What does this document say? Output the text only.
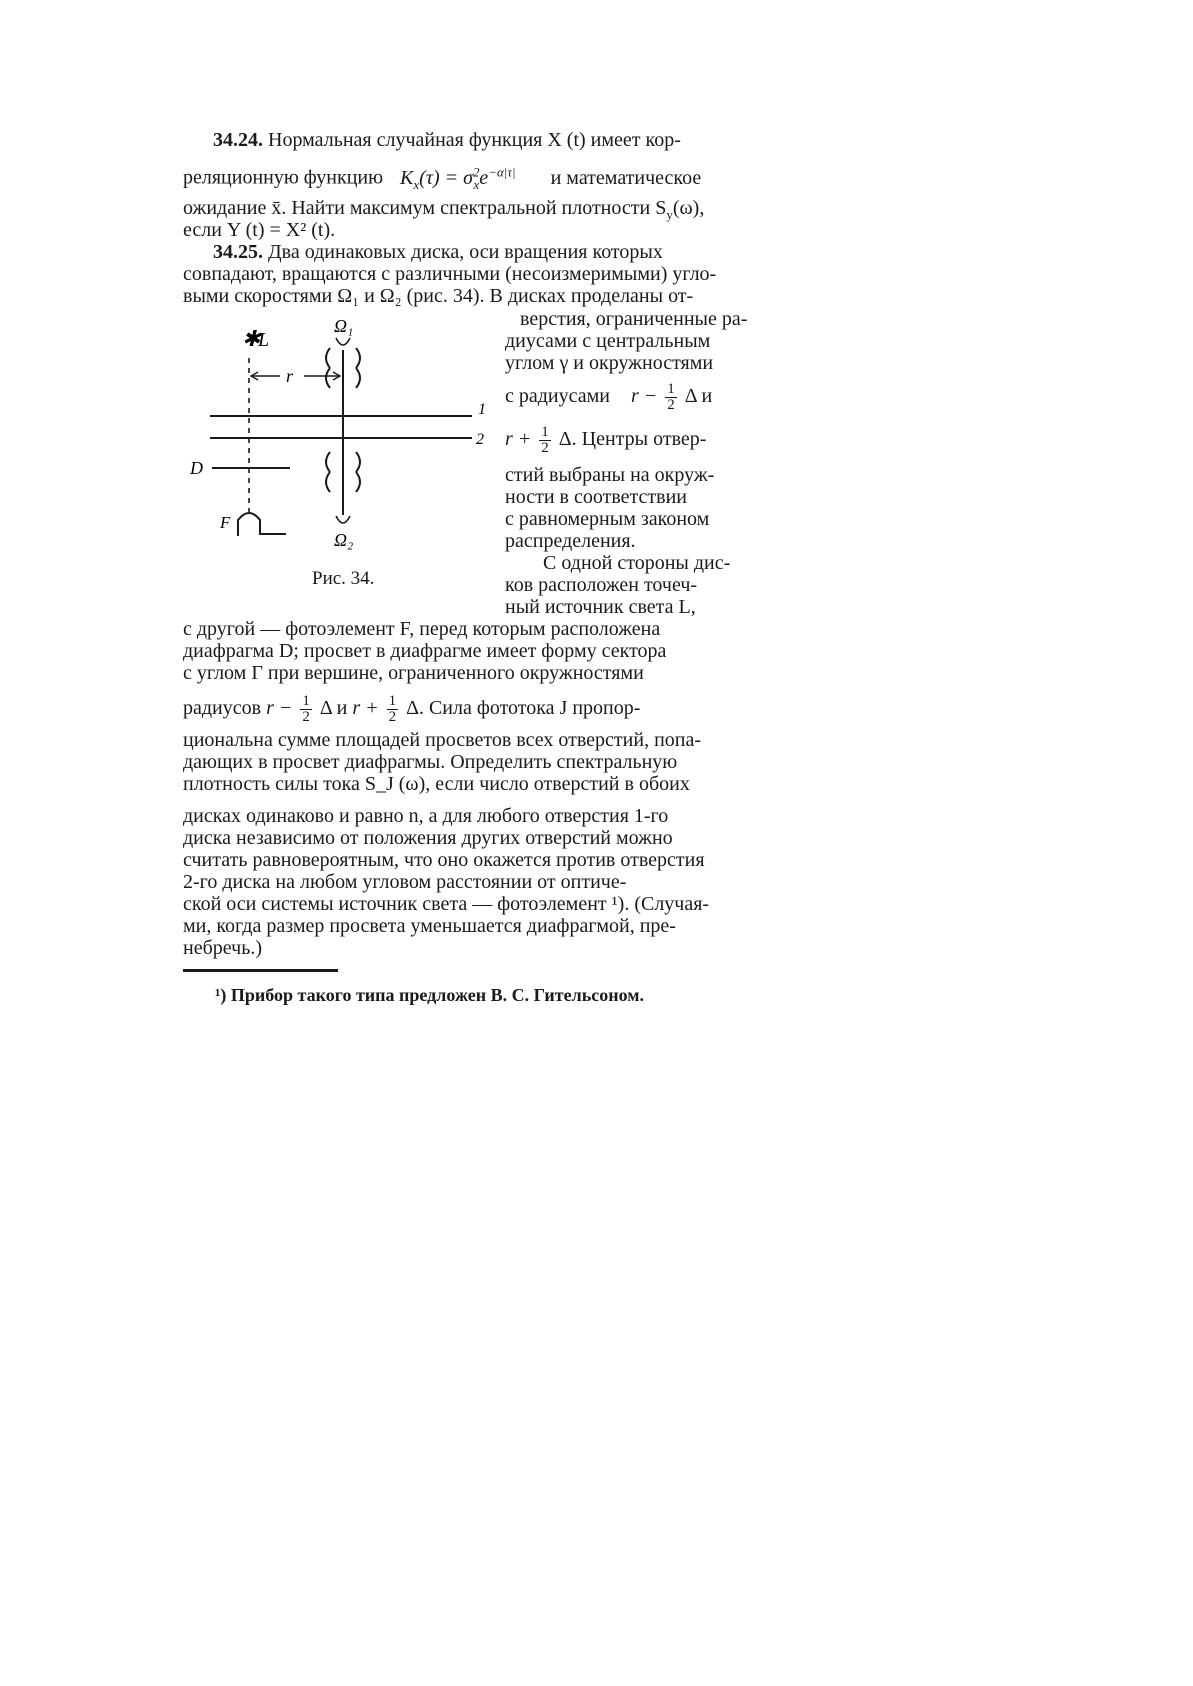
34.24. Нормальная случайная функция X (t) имеет кор-
реляционную функцию $K_x(\tau) = \sigma^2_xe^{-\alpha|\tau|}$ и математическое
ожидание x̄. Найти максимум спектральной плотности $S_y(\omega)$,
если Y (t) = X² (t).
34.25. Два одинаковых диска, оси вращения которых
совпадают, вращаются с различными (несоизмеримыми) угло-
выми скоростями Ω₁ и Ω₂ (рис. 34). В дисках проделаны от-
верстия, ограниченные ра-
диусами с центральным
углом γ и окружностями
с радиусами $r - \frac{1}{2}$ Δ и
$r + \frac{1}{2} \Delta$. Центры отвер-
стий выбраны на окруж-
ности в соответствии
с равномерным законом
распределения.
С одной стороны дис-
ков расположен точеч-
ный источник света L,
✱
L
Ω₁
Ω₂
r
1
2
D
F
Рис. 34.
с другой — фотоэлемент F, перед которым расположена
диафрагма D; просвет в диафрагме имеет форму сектора
с углом Γ при вершине, ограниченного окружностями
радиусов $r - \frac{1}{2}$ Δ и $r + \frac{1}{2} \Delta$. Сила фототока J пропор-
циональна сумме площадей просветов всех отверстий, попа-
дающих в просвет диафрагмы. Определить спектральную
плотность силы тока S_J (ω), если число отверстий в обоих
дисках одинаково и равно n, а для любого отверстия 1-го
диска независимо от положения других отверстий можно
считать равновероятным, что оно окажется против отверстия
2-го диска на любом угловом расстоянии от оптиче-
ской оси системы источник света — фотоэлемент ¹). (Случая-
ми, когда размер просвета уменьшается диафрагмой, пре-
небречь.)
¹) Прибор такого типа предложен В. С. Гительсоном.
